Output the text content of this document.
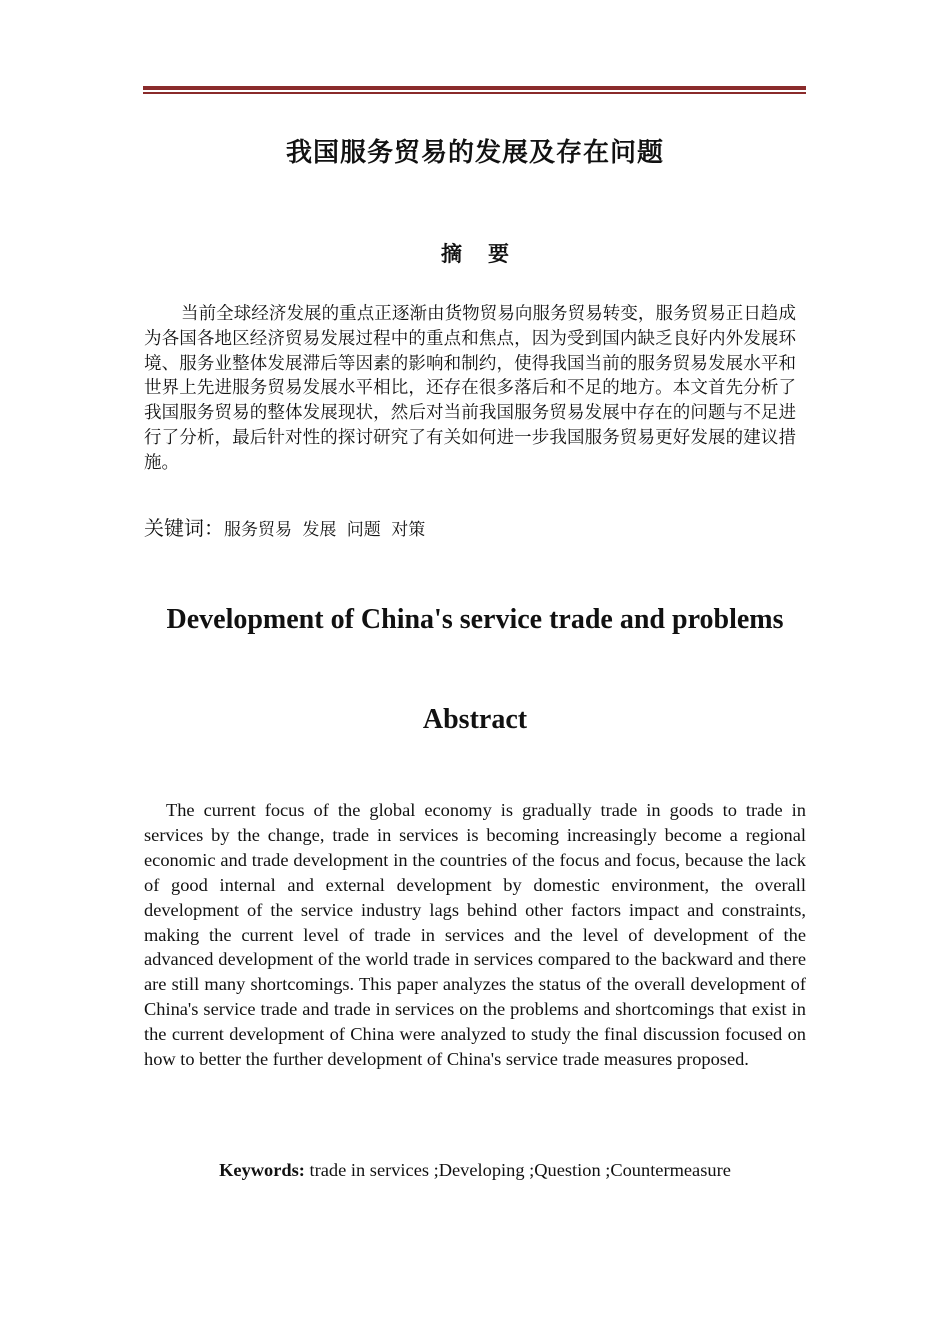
我国服务贸易的发展及存在问题
摘要

当前全球经济发展的重点正逐渐由货物贸易向服务贸易转变，服务贸易正日趋成为各国各地区经济贸易发展过程中的重点和焦点，因为受到国内缺乏良好内外发展环境、服务业整体发展滞后等因素的影响和制约，使得我国当前的服务贸易发展水平和世界上先进服务贸易发展水平相比，还存在很多落后和不足的地方。本文首先分析了我国服务贸易的整体发展现状，然后对当前我国服务贸易发展中存在的问题与不足进行了分析，最后针对性的探讨研究了有关如何进一步我国服务贸易更好发展的建议措施。

关键词：服务贸易 发展 问题 对策

Development of China's service trade and problems
Abstract

The current focus of the global economy is gradually trade in goods to trade in services by the change, trade in services is becoming increasingly become a regional economic and trade development in the countries of the focus and focus, because the lack of good internal and external development by domestic environment, the overall development of the service industry lags behind other factors impact and constraints, making the current level of trade in services and the level of development of the advanced development of the world trade in services compared to the backward and there are still many shortcomings. This paper analyzes the status of the overall development of China's service trade and trade in services on the problems and shortcomings that exist in the current development of China were analyzed to study the final discussion focused on how to better the further development of China's service trade measures proposed.

Keywords: trade in services ;Developing ;Question ;Countermeasure
